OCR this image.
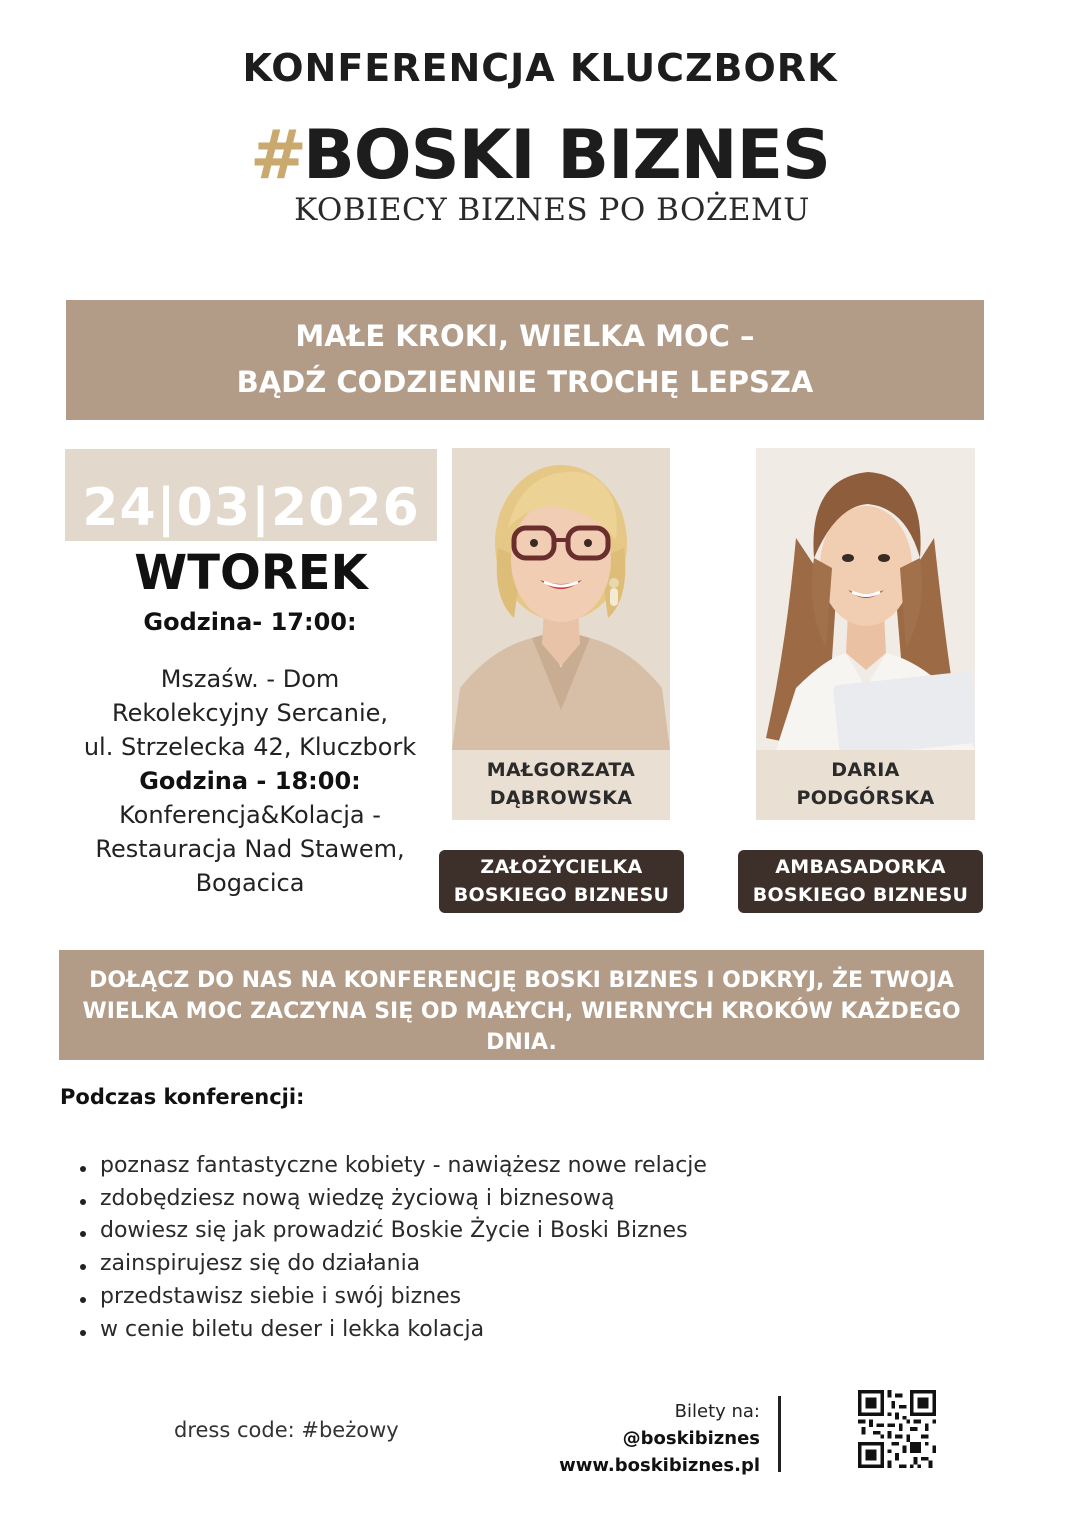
KONFERENCJA KLUCZBORK
#BOSKI BIZNES
KOBIECY BIZNES PO BOŻEMU
MAŁE KROKI, WIELKA MOC –
BĄDŹ CODZIENNIE TROCHĘ LEPSZA
24|03|2026
WTOREK
Godzina- 17:00:
Mszaśw. - Dom
Rekolekcyjny Sercanie,
ul. Strzelecka 42, Kluczbork
Godzina - 18:00:
Konferencja&Kolacja -
Restauracja Nad Stawem,
Bogacica
MAŁGORZATA
DĄBROWSKA
ZAŁOŻYCIELKA
BOSKIEGO BIZNESU
DARIA
PODGÓRSKA
AMBASADORKA
BOSKIEGO BIZNESU
DOŁĄCZ DO NAS NA KONFERENCJĘ BOSKI BIZNES I ODKRYJ, ŻE TWOJA
WIELKA MOC ZACZYNA SIĘ OD MAŁYCH, WIERNYCH KROKÓW KAŻDEGO
DNIA.
Podczas konferencji:
poznasz fantastyczne kobiety - nawiążesz nowe relacje
zdobędziesz nową wiedzę życiową i biznesową
dowiesz się jak prowadzić Boskie Życie i Boski Biznes
zainspirujesz się do działania
przedstawisz siebie i swój biznes
w cenie biletu deser i lekka kolacja
dress code: #beżowy
Bilety na:
@boskibiznes
www.boskibiznes.pl
